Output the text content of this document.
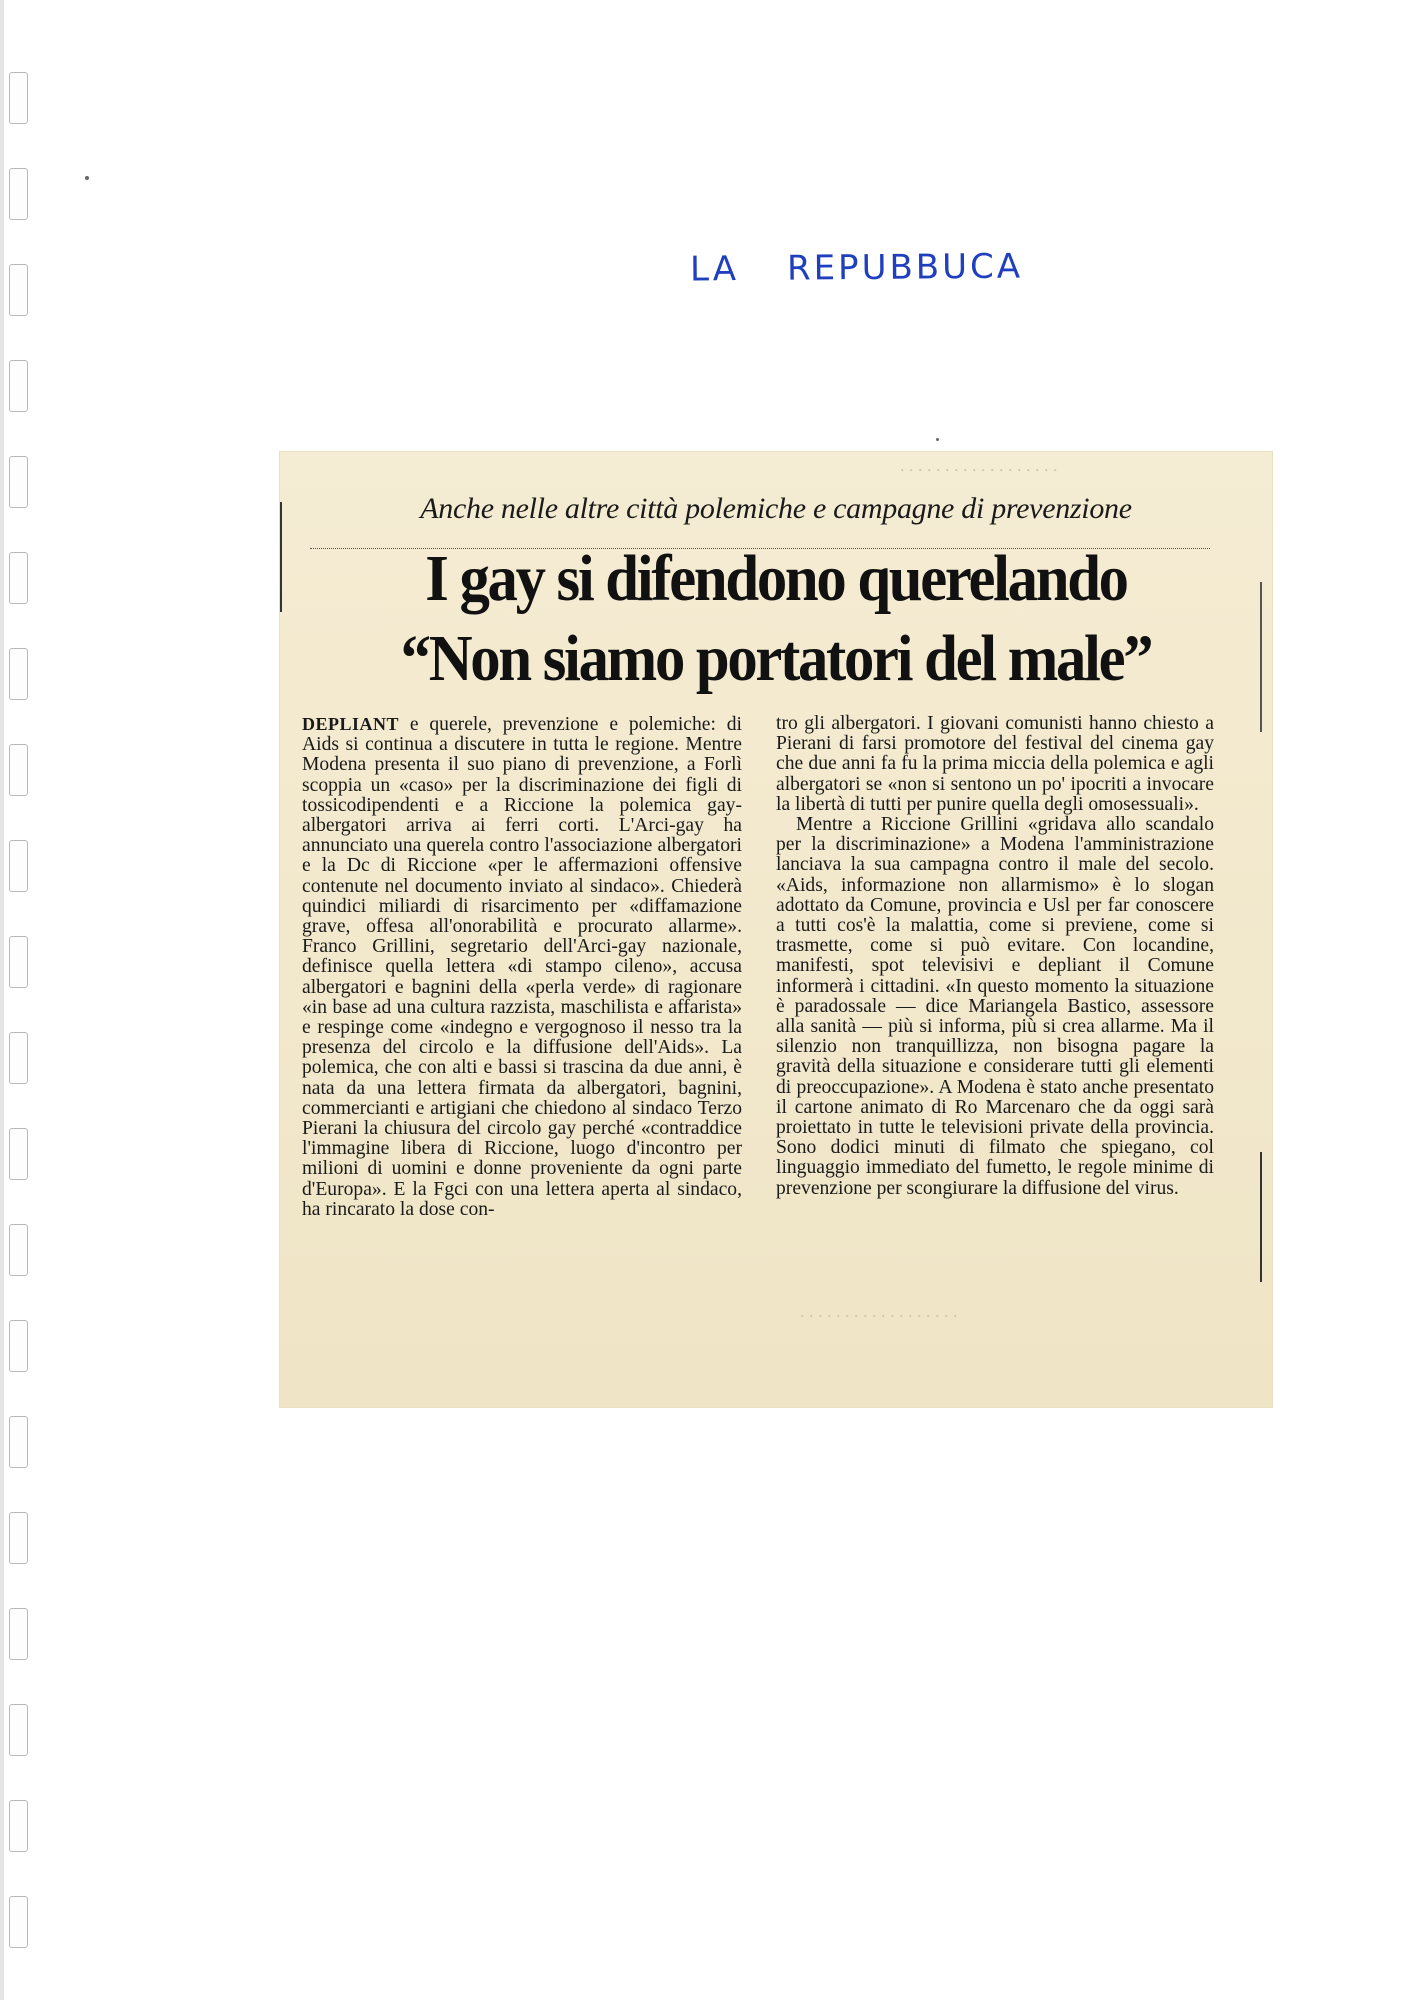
LA REPUBBUCA
. . . . . . . . . . . . . . . . . .
. . . . . . . . . . . . . . . . . .
Anche nelle altre città polemiche e campagne di prevenzione
I gay si difendono querelando
“Non siamo portatori del male”

DEPLIANT e querele, prevenzione e polemiche: di Aids si continua a discutere in tutta le regione. Mentre Modena presenta il suo piano di prevenzione, a Forlì scoppia un «caso» per la discriminazione dei figli di tossicodipendenti e a Riccione la polemica gay-albergatori arriva ai ferri corti. L'Arci-gay ha annunciato una querela contro l'associazione albergatori e la Dc di Riccione «per le affermazioni offensive contenute nel documento inviato al sindaco». Chiederà quindici miliardi di risarcimento per «diffamazione grave, offesa all'onorabilità e procurato allarme». Franco Grillini, segretario dell'Arci-gay nazionale, definisce quella lettera «di stampo cileno», accusa albergatori e bagnini della «perla verde» di ragionare «in base ad una cultura razzista, maschilista e affarista» e respinge come «indegno e vergognoso il nesso tra la presenza del circolo e la diffusione dell'Aids». La polemica, che con alti e bassi si trascina da due anni, è nata da una lettera firmata da albergatori, bagnini, commercianti e artigiani che chiedono al sindaco Terzo Pierani la chiusura del circolo gay perché «contraddice l'immagine libera di Riccione, luogo d'incontro per milioni di uomini e donne proveniente da ogni parte d'Europa». E la Fgci con una lettera aperta al sindaco, ha rincarato la dose con-

tro gli albergatori. I giovani comunisti hanno chiesto a Pierani di farsi promotore del festival del cinema gay che due anni fa fu la prima miccia della polemica e agli albergatori se «non si sentono un po' ipocriti a invocare la libertà di tutti per punire quella degli omosessuali».

Mentre a Riccione Grillini «gridava allo scandalo per la discriminazione» a Modena l'amministrazione lanciava la sua campagna contro il male del secolo. «Aids, informazione non allarmismo» è lo slogan adottato da Comune, provincia e Usl per far conoscere a tutti cos'è la malattia, come si previene, come si trasmette, come si può evitare. Con locandine, manifesti, spot televisivi e depliant il Comune informerà i cittadini. «In questo momento la situazione è paradossale — dice Mariangela Bastico, assessore alla sanità — più si informa, più si crea allarme. Ma il silenzio non tranquillizza, non bisogna pagare la gravità della situazione e considerare tutti gli elementi di preoccupazione». A Modena è stato anche presentato il cartone animato di Ro Marcenaro che da oggi sarà proiettato in tutte le televisioni private della provincia. Sono dodici minuti di filmato che spiegano, col linguaggio immediato del fumetto, le regole minime di prevenzione per scongiurare la diffusione del virus.
